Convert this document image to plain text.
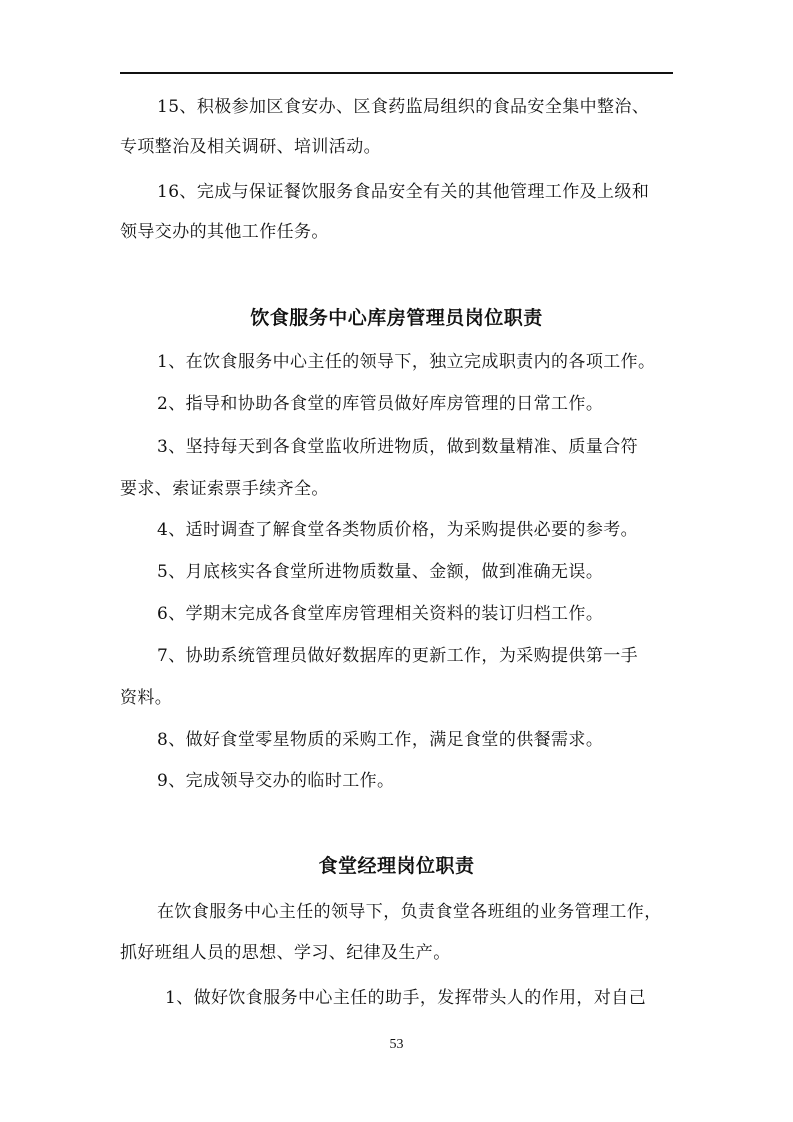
15、积极参加区食安办、区食药监局组织的食品安全集中整治、
专项整治及相关调研、培训活动。
16、完成与保证餐饮服务食品安全有关的其他管理工作及上级和
领导交办的其他工作任务。
饮食服务中心库房管理员岗位职责
1、在饮食服务中心主任的领导下，独立完成职责内的各项工作。
2、指导和协助各食堂的库管员做好库房管理的日常工作。
3、坚持每天到各食堂监收所进物质，做到数量精准、质量合符
要求、索证索票手续齐全。
4、适时调查了解食堂各类物质价格，为采购提供必要的参考。
5、月底核实各食堂所进物质数量、金额，做到准确无误。
6、学期末完成各食堂库房管理相关资料的装订归档工作。
7、协助系统管理员做好数据库的更新工作，为采购提供第一手
资料。
8、做好食堂零星物质的采购工作，满足食堂的供餐需求。
9、完成领导交办的临时工作。
食堂经理岗位职责
在饮食服务中心主任的领导下，负责食堂各班组的业务管理工作，
抓好班组人员的思想、学习、纪律及生产。
1、做好饮食服务中心主任的助手，发挥带头人的作用，对自己
53
